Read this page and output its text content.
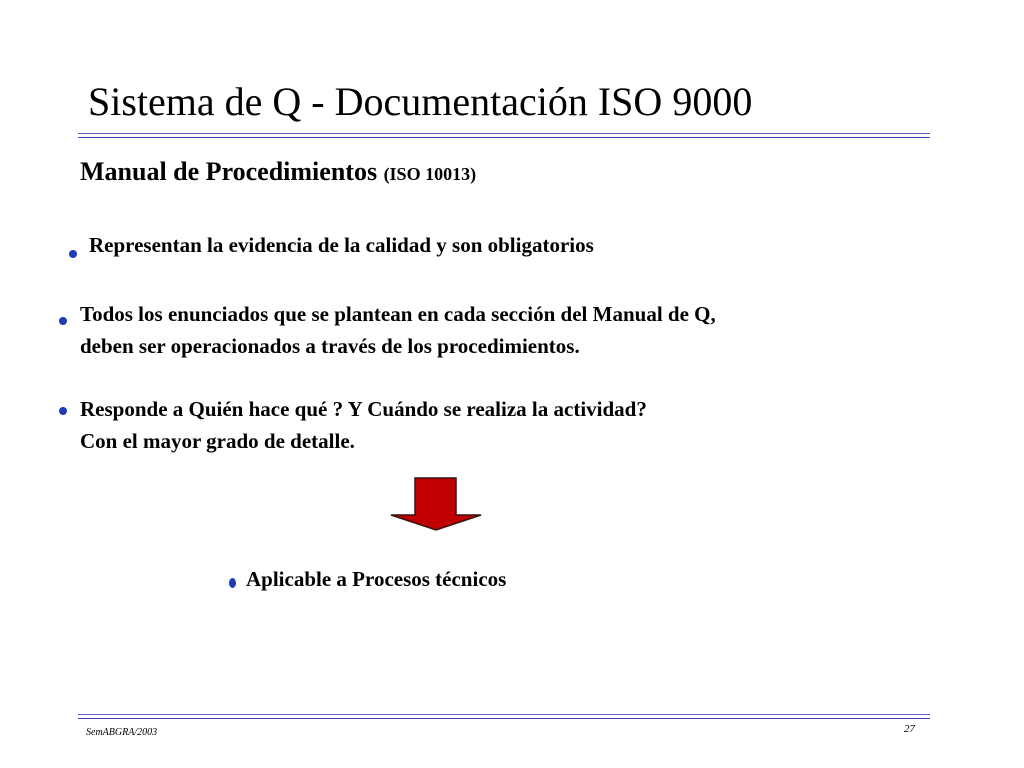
Sistema de Q - Documentación ISO 9000
Manual de Procedimientos (ISO 10013)
Representan la evidencia de la calidad y son obligatorios
Todos los enunciados que se plantean en cada sección del Manual de Q,
deben ser operacionados a través de los procedimientos.
Responde a Quién hace qué ? Y Cuándo se realiza la actividad?
Con el mayor grado de detalle.
Aplicable a Procesos técnicos
SemABGRA/2003	27
